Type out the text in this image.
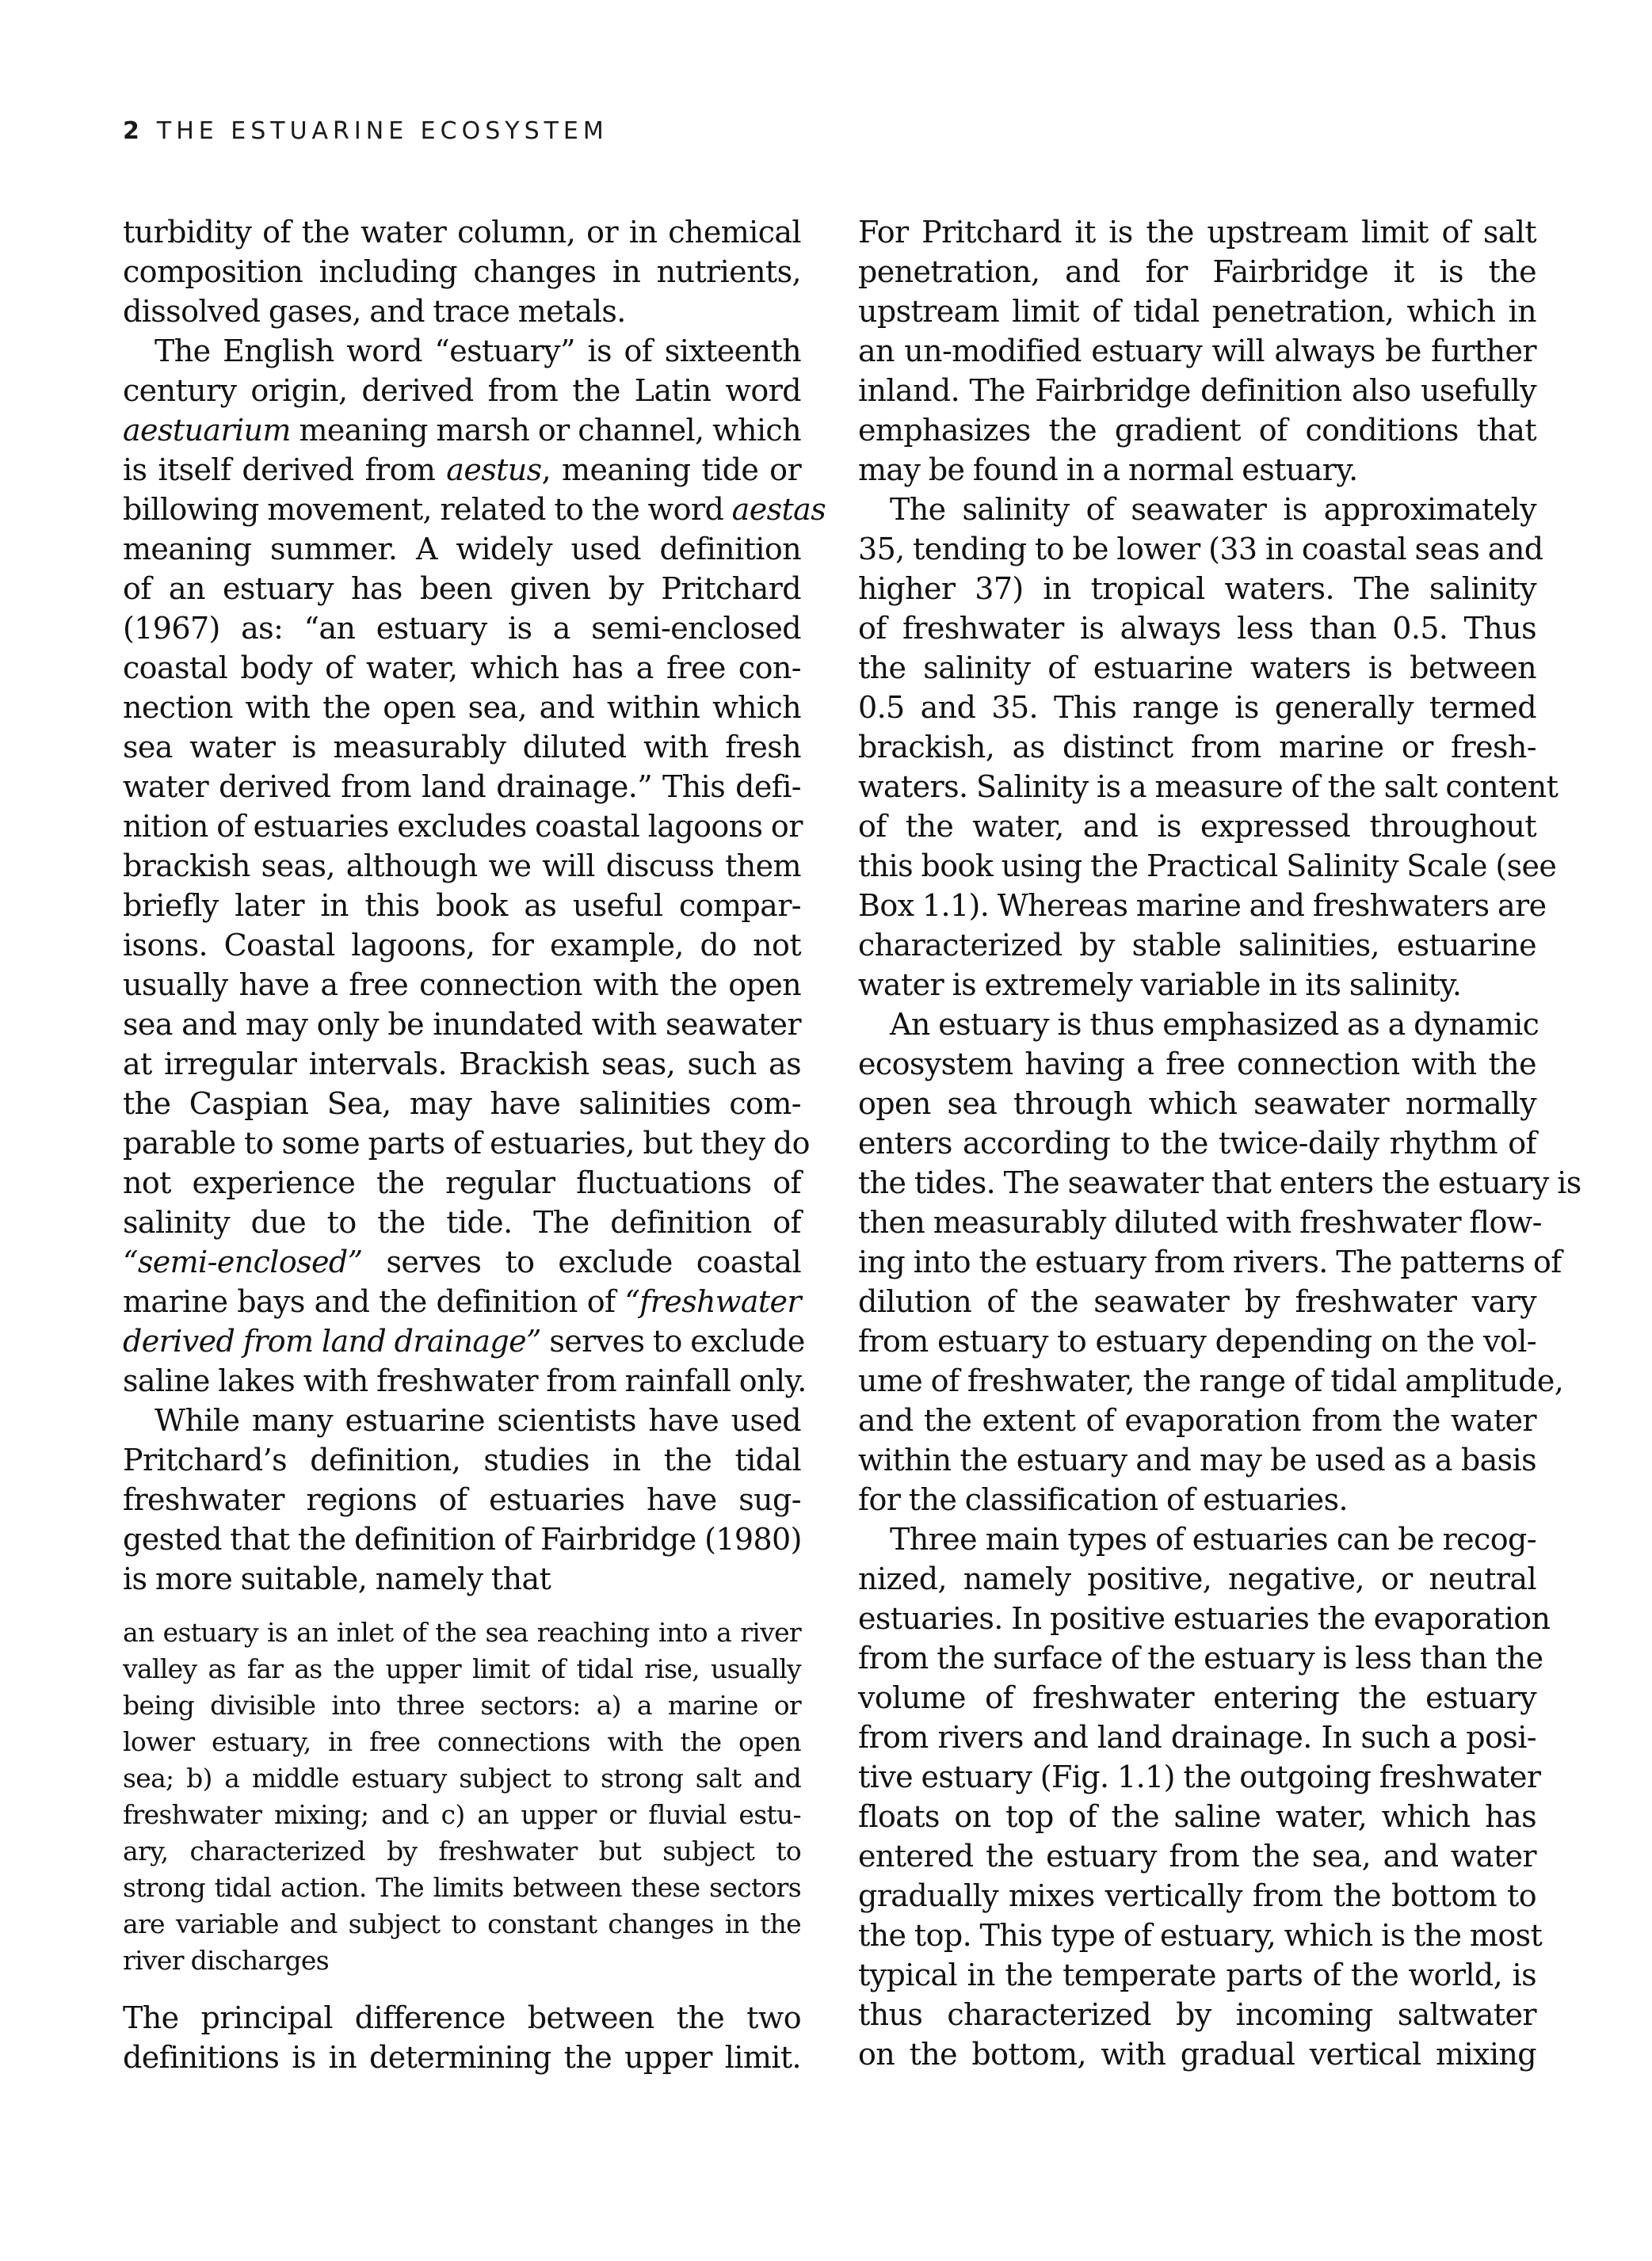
2 THE ESTUARINE ECOSYSTEM
turbidity of the water column, or in chemical
composition including changes in nutrients,
dissolved gases, and trace metals.
The English word “estuary” is of sixteenth
century origin, derived from the Latin word
aestuarium meaning marsh or channel, which
is itself derived from aestus, meaning tide or
billowing movement, related to the word aestas
meaning summer. A widely used definition
of an estuary has been given by Pritchard
(1967) as: “an estuary is a semi-enclosed
coastal body of water, which has a free con-
nection with the open sea, and within which
sea water is measurably diluted with fresh
water derived from land drainage.” This defi-
nition of estuaries excludes coastal lagoons or
brackish seas, although we will discuss them
briefly later in this book as useful compar-
isons. Coastal lagoons, for example, do not
usually have a free connection with the open
sea and may only be inundated with seawater
at irregular intervals. Brackish seas, such as
the Caspian Sea, may have salinities com-
parable to some parts of estuaries, but they do
not experience the regular fluctuations of
salinity due to the tide. The definition of
“semi-enclosed” serves to exclude coastal
marine bays and the definition of “freshwater
derived from land drainage” serves to exclude
saline lakes with freshwater from rainfall only.
While many estuarine scientists have used
Pritchard’s definition, studies in the tidal
freshwater regions of estuaries have sug-
gested that the definition of Fairbridge (1980)
is more suitable, namely that
an estuary is an inlet of the sea reaching into a river
valley as far as the upper limit of tidal rise, usually
being divisible into three sectors: a) a marine or
lower estuary, in free connections with the open
sea; b) a middle estuary subject to strong salt and
freshwater mixing; and c) an upper or fluvial estu-
ary, characterized by freshwater but subject to
strong tidal action. The limits between these sectors
are variable and subject to constant changes in the
river discharges
The principal difference between the two
definitions is in determining the upper limit.
For Pritchard it is the upstream limit of salt
penetration, and for Fairbridge it is the
upstream limit of tidal penetration, which in
an un-modified estuary will always be further
inland. The Fairbridge definition also usefully
emphasizes the gradient of conditions that
may be found in a normal estuary.
The salinity of seawater is approximately
35, tending to be lower (33 in coastal seas and
higher 37) in tropical waters. The salinity
of freshwater is always less than 0.5. Thus
the salinity of estuarine waters is between
0.5 and 35. This range is generally termed
brackish, as distinct from marine or fresh-
waters. Salinity is a measure of the salt content
of the water, and is expressed throughout
this book using the Practical Salinity Scale (see
Box 1.1). Whereas marine and freshwaters are
characterized by stable salinities, estuarine
water is extremely variable in its salinity.
An estuary is thus emphasized as a dynamic
ecosystem having a free connection with the
open sea through which seawater normally
enters according to the twice-daily rhythm of
the tides. The seawater that enters the estuary is
then measurably diluted with freshwater flow-
ing into the estuary from rivers. The patterns of
dilution of the seawater by freshwater vary
from estuary to estuary depending on the vol-
ume of freshwater, the range of tidal amplitude,
and the extent of evaporation from the water
within the estuary and may be used as a basis
for the classification of estuaries.
Three main types of estuaries can be recog-
nized, namely positive, negative, or neutral
estuaries. In positive estuaries the evaporation
from the surface of the estuary is less than the
volume of freshwater entering the estuary
from rivers and land drainage. In such a posi-
tive estuary (Fig. 1.1) the outgoing freshwater
floats on top of the saline water, which has
entered the estuary from the sea, and water
gradually mixes vertically from the bottom to
the top. This type of estuary, which is the most
typical in the temperate parts of the world, is
thus characterized by incoming saltwater
on the bottom, with gradual vertical mixing
